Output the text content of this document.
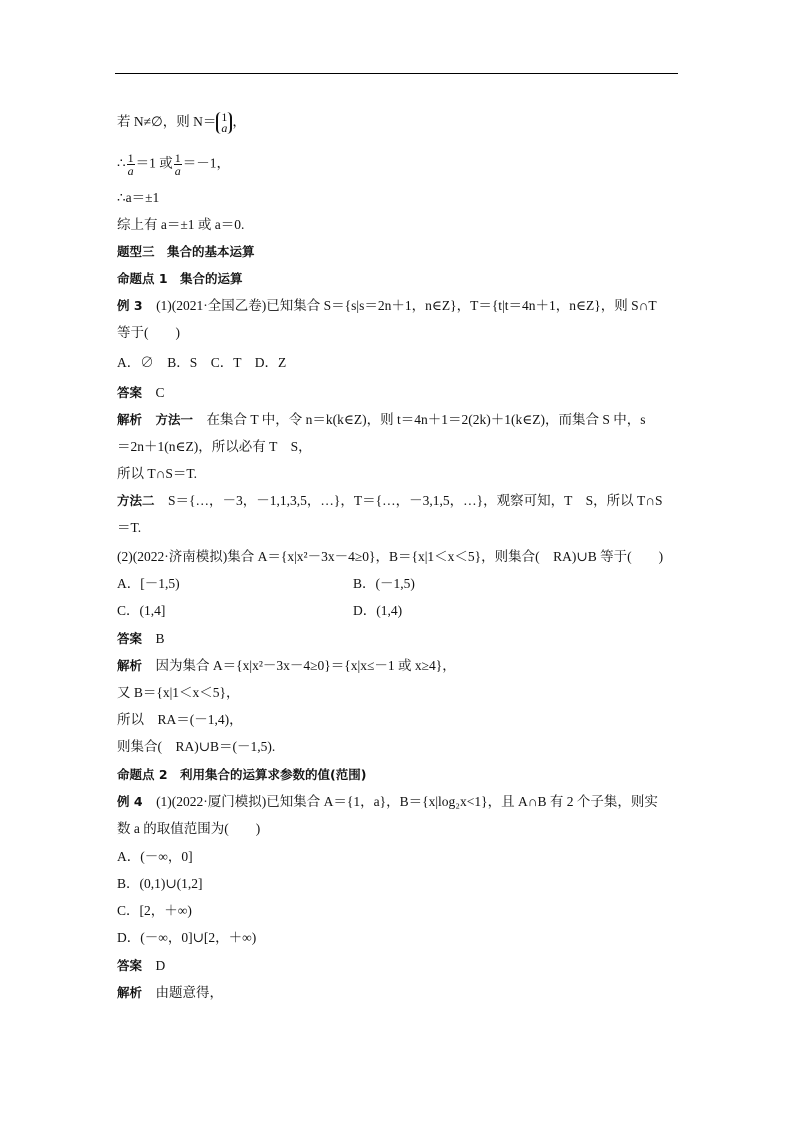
若 N≠∅，则 N＝ 1
a ，
∴ $\frac{1}{a} =1$ 或 $\frac{1}{a} =-1$，
∴a＝±1
综上有 a＝±1 或 a＝0.
题型三　集合的基本运算
命题点 1　集合的运算
例 3　 (1)(2021·全国乙卷)已知集合 S＝{s|s＝2n＋1，n∈Z}，T＝{t|t＝4n＋1，n∈Z}，则 S∩T
等于(　　)
A．∅　B．S　C．T　D．Z
答案　 C
解析　 方法一　 在集合 T 中，令 n＝k(k∈Z)，则 t＝4n＋1＝2(2k)＋1(k∈Z)，而集合 S 中，s
＝2n＋1(n∈Z)，所以必有 T　S，
所以 T∩S＝T.
方法二　 S＝{…，－3，－1,1,3,5，…}，T＝{…，－3,1,5，…}，观察可知，T　S，所以 T∩S
＝T.
(2)(2022·济南模拟)集合 A＝{x|x²－3x－4≥0}，B＝{x|1＜x＜5}，则集合(　RA)∪B 等于(　　)
A．[－1,5)	B．(－1,5)
C．(1,4]	D．(1,4)
答案　 B
解析　 因为集合 A＝{x|x²－3x－4≥0}＝{x|x≤－1 或 x≥4}，
又 B＝{x|1＜x＜5}，
所以　RA＝(－1,4)，
则集合(　RA)∪B＝(－1,5).
命题点 2　利用集合的运算求参数的值(范围)
例 4　 (1)(2022·厦门模拟)已知集合 A＝{1，a}，B＝{x|log₂x<1}，且 A∩B 有 2 个子集，则实
数 a 的取值范围为(　　)
A．(－∞，0]
B．(0,1)∪(1,2]
C．[2，＋∞)
D．(－∞，0]∪[2，＋∞)
答案　 D
解析　 由题意得，
